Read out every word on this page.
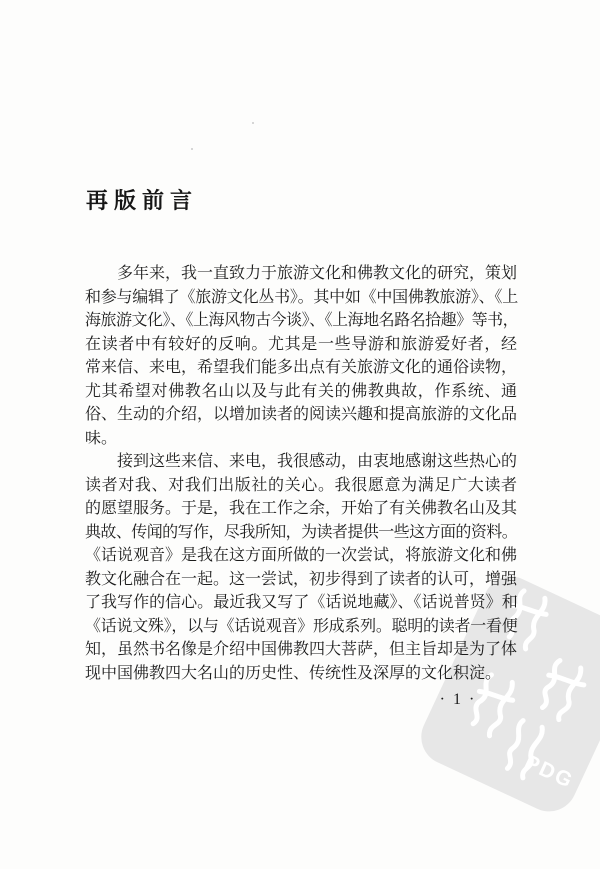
PDG
再版前言
多年来，我一直致力于旅游文化和佛教文化的研究，策划
和参与编辑了《旅游文化丛书》。其中如《中国佛教旅游》、《上
海旅游文化》、《上海风物古今谈》、《上海地名路名拾趣》等书，
在读者中有较好的反响。尤其是一些导游和旅游爱好者，经
常来信、来电，希望我们能多出点有关旅游文化的通俗读物，
尤其希望对佛教名山以及与此有关的佛教典故，作系统、通
俗、生动的介绍，以增加读者的阅读兴趣和提高旅游的文化品
味。
接到这些来信、来电，我很感动，由衷地感谢这些热心的
读者对我、对我们出版社的关心。我很愿意为满足广大读者
的愿望服务。于是，我在工作之余，开始了有关佛教名山及其
典故、传闻的写作，尽我所知，为读者提供一些这方面的资料。
《话说观音》是我在这方面所做的一次尝试，将旅游文化和佛
教文化融合在一起。这一尝试，初步得到了读者的认可，增强
了我写作的信心。最近我又写了《话说地藏》、《话说普贤》和
《话说文殊》，以与《话说观音》形成系列。聪明的读者一看便
知，虽然书名像是介绍中国佛教四大菩萨，但主旨却是为了体
现中国佛教四大名山的历史性、传统性及深厚的文化积淀。
· 1 ·
